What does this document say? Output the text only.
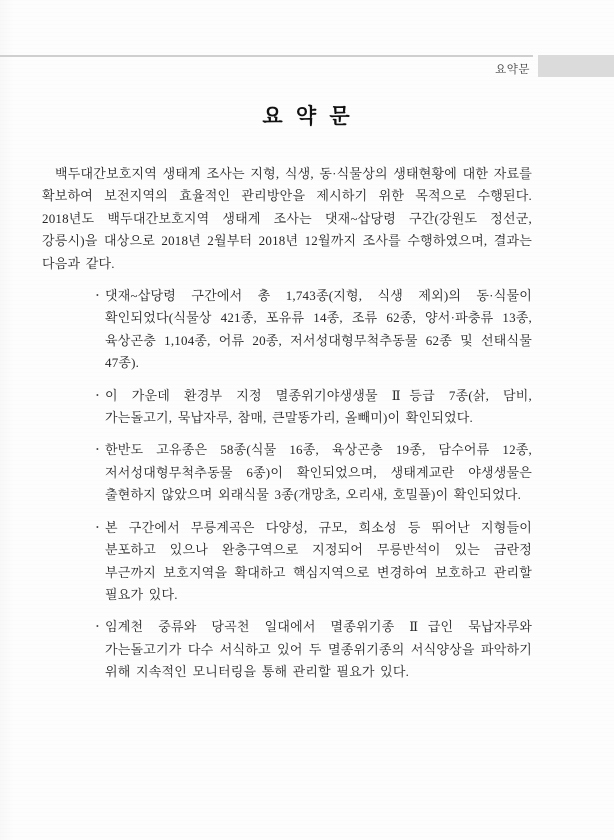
요약문
요 약 문

백두대간보호지역 생태계 조사는 지형, 식생, 동·식물상의 생태현황에 대한 자료를 확보하여 보전지역의 효율적인 관리방안을 제시하기 위한 목적으로 수행된다. 2018년도 백두대간보호지역 생태계 조사는 댓재~삽당령 구간(강원도 정선군, 강릉시)을 대상으로 2018년 2월부터 2018년 12월까지 조사를 수행하였으며, 결과는 다음과 같다.

• 댓재~삽당령 구간에서 총 1,743종(지형, 식생 제외)의 동·식물이 확인되었다(식물상 421종, 포유류 14종, 조류 62종, 양서·파충류 13종, 육상곤충 1,104종, 어류 20종, 저서성대형무척추동물 62종 및 선태식물 47종).
• 이 가운데 환경부 지정 멸종위기야생생물 Ⅱ등급 7종(삵, 담비, 가는돌고기, 묵납자루, 참매, 큰말똥가리, 올빼미)이 확인되었다.
• 한반도 고유종은 58종(식물 16종, 육상곤충 19종, 담수어류 12종, 저서성대형무척추동물 6종)이 확인되었으며, 생태계교란 야생생물은 출현하지 않았으며 외래식물 3종(개망초, 오리새, 호밀풀)이 확인되었다.
• 본 구간에서 무릉계곡은 다양성, 규모, 희소성 등 뛰어난 지형들이 분포하고 있으나 완충구역으로 지정되어 무릉반석이 있는 금란정 부근까지 보호지역을 확대하고 핵심지역으로 변경하여 보호하고 관리할 필요가 있다.
• 임계천 중류와 당곡천 일대에서 멸종위기종 Ⅱ급인 묵납자루와 가는돌고기가 다수 서식하고 있어 두 멸종위기종의 서식양상을 파악하기 위해 지속적인 모니터링을 통해 관리할 필요가 있다.
